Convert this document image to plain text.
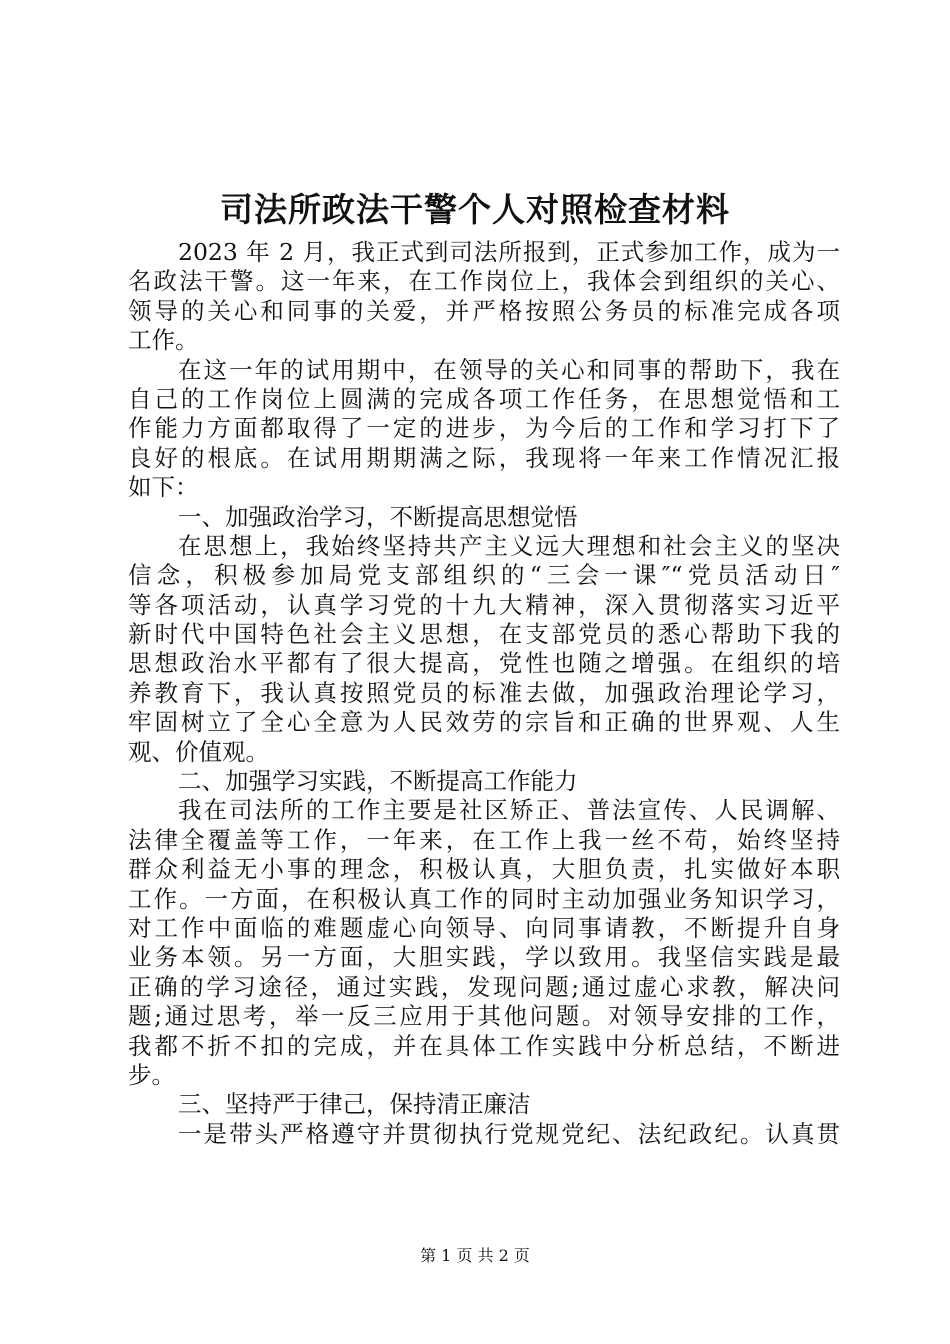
司法所政法干警个人对照检查材料
2023 年 2 月，我正式到司法所报到，正式参加工作，成为一
名政法干警。这一年来，在工作岗位上，我体会到组织的关心、
领导的关心和同事的关爱，并严格按照公务员的标准完成各项
工作。
在这一年的试用期中，在领导的关心和同事的帮助下，我在
自己的工作岗位上圆满的完成各项工作任务，在思想觉悟和工
作能力方面都取得了一定的进步，为今后的工作和学习打下了
良好的根底。在试用期期满之际，我现将一年来工作情况汇报
如下：
一、加强政治学习，不断提高思想觉悟
在思想上，我始终坚持共产主义远大理想和社会主义的坚决
信念，积极参加局党支部组织的“三会一课″“党员活动日″
等各项活动，认真学习党的十九大精神，深入贯彻落实习近平
新时代中国特色社会主义思想，在支部党员的悉心帮助下我的
思想政治水平都有了很大提高，党性也随之增强。在组织的培
养教育下，我认真按照党员的标准去做，加强政治理论学习，
牢固树立了全心全意为人民效劳的宗旨和正确的世界观、人生
观、价值观。
二、加强学习实践，不断提高工作能力
我在司法所的工作主要是社区矫正、普法宣传、人民调解、
法律全覆盖等工作，一年来，在工作上我一丝不苟，始终坚持
群众利益无小事的理念，积极认真，大胆负责，扎实做好本职
工作。一方面，在积极认真工作的同时主动加强业务知识学习，
对工作中面临的难题虚心向领导、向同事请教，不断提升自身
业务本领。另一方面，大胆实践，学以致用。我坚信实践是最
正确的学习途径，通过实践，发现问题;通过虚心求教，解决问
题;通过思考，举一反三应用于其他问题。对领导安排的工作，
我都不折不扣的完成，并在具体工作实践中分析总结，不断进
步。
三、坚持严于律己，保持清正廉洁
一是带头严格遵守并贯彻执行党规党纪、法纪政纪。认真贯
第 1 页 共 2 页
